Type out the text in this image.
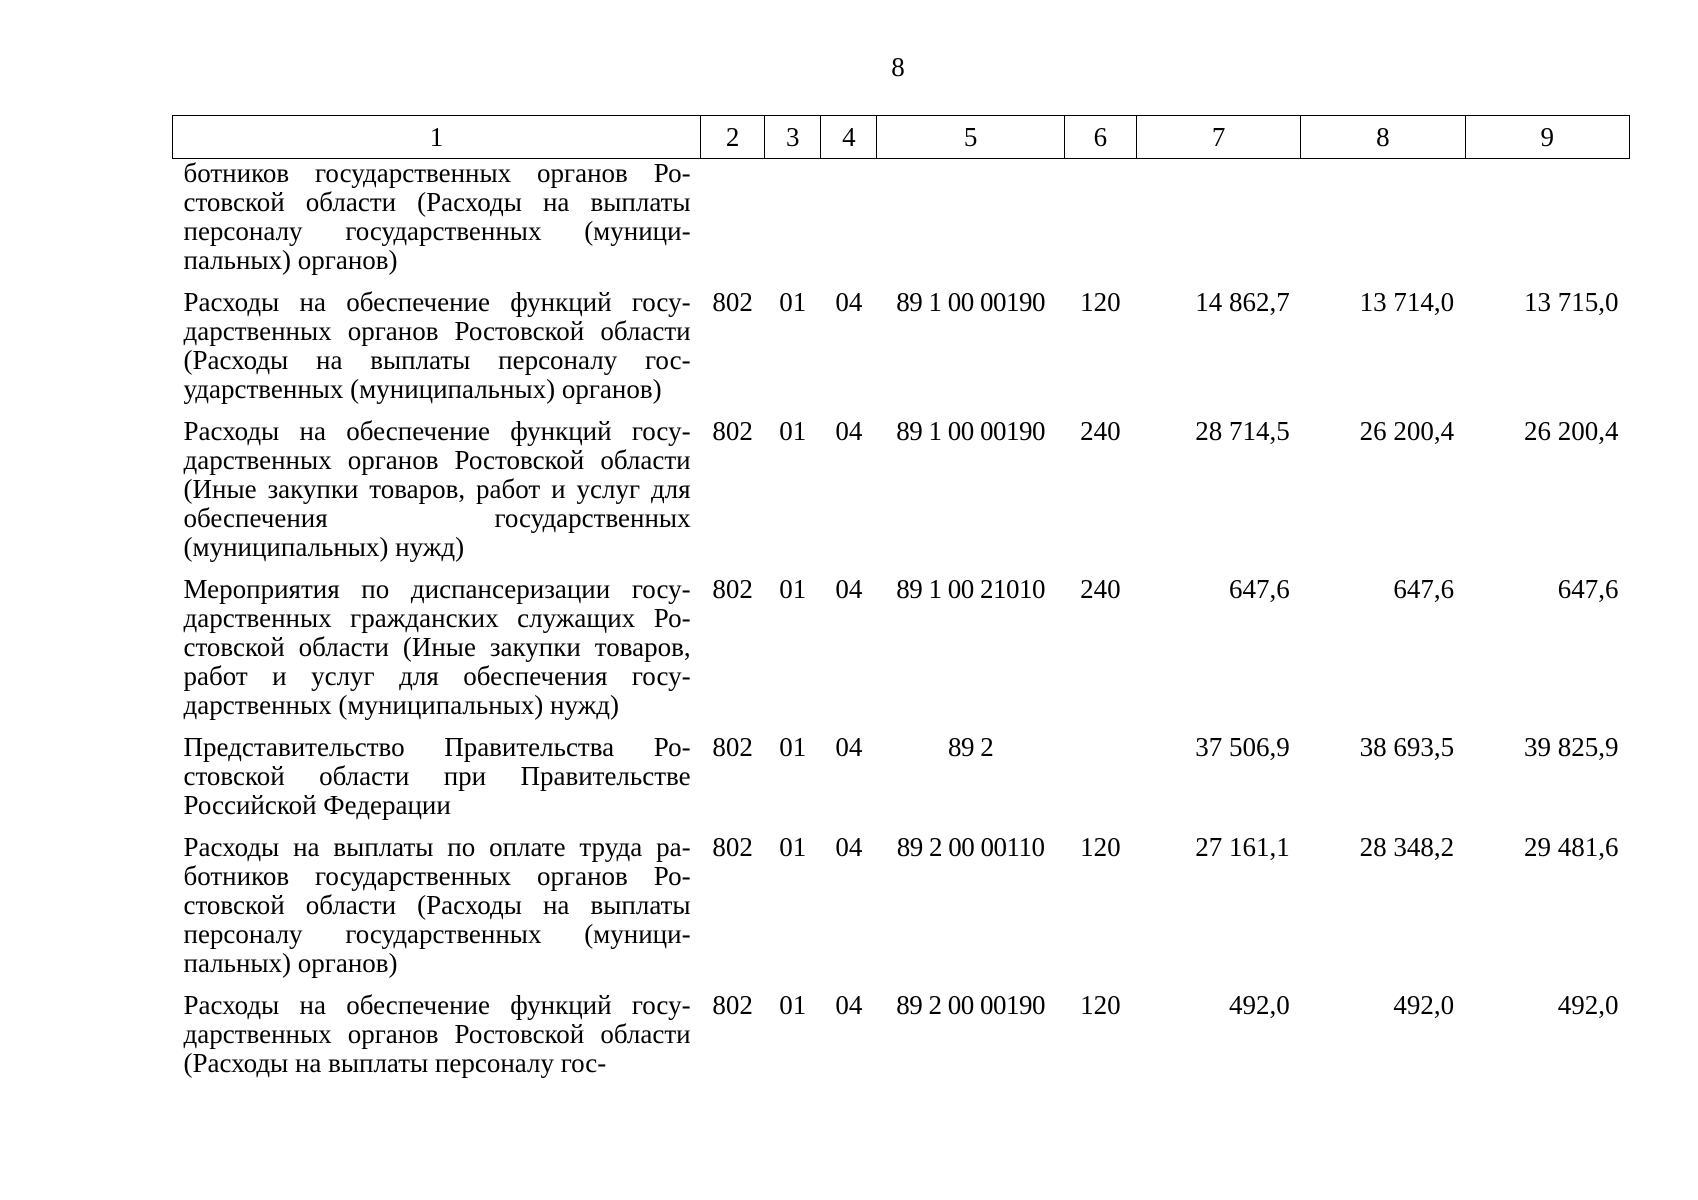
8
1	2	3	4	5	6	7	8	9
ботников государственных органов Ростовской области (Расходы на выплаты персоналу государственных (муниципальных) органов)								
Расходы на обеспечение функций государственных органов Ростовской области (Расходы на выплаты персоналу государственных (муниципальных) органов)	802	01	04	89 1 00 00190	120	14 862,7	13 714,0	13 715,0
Расходы на обеспечение функций государственных органов Ростовской области (Иные закупки товаров, работ и услуг для обеспечения государственных (муниципальных) нужд)	802	01	04	89 1 00 00190	240	28 714,5	26 200,4	26 200,4
Мероприятия по диспансеризации государственных гражданских служащих Ростовской области (Иные закупки товаров, работ и услуг для обеспечения государственных (муниципальных) нужд)	802	01	04	89 1 00 21010	240	647,6	647,6	647,6
Представительство Правительства Ростовской области при Правительстве Российской Федерации	802	01	04	89 2		37 506,9	38 693,5	39 825,9
Расходы на выплаты по оплате труда работников государственных органов Ростовской области (Расходы на выплаты персоналу государственных (муниципальных) органов)	802	01	04	89 2 00 00110	120	27 161,1	28 348,2	29 481,6
Расходы на обеспечение функций государственных органов Ростовской области (Расходы на выплаты персоналу гос-	802	01	04	89 2 00 00190	120	492,0	492,0	492,0
